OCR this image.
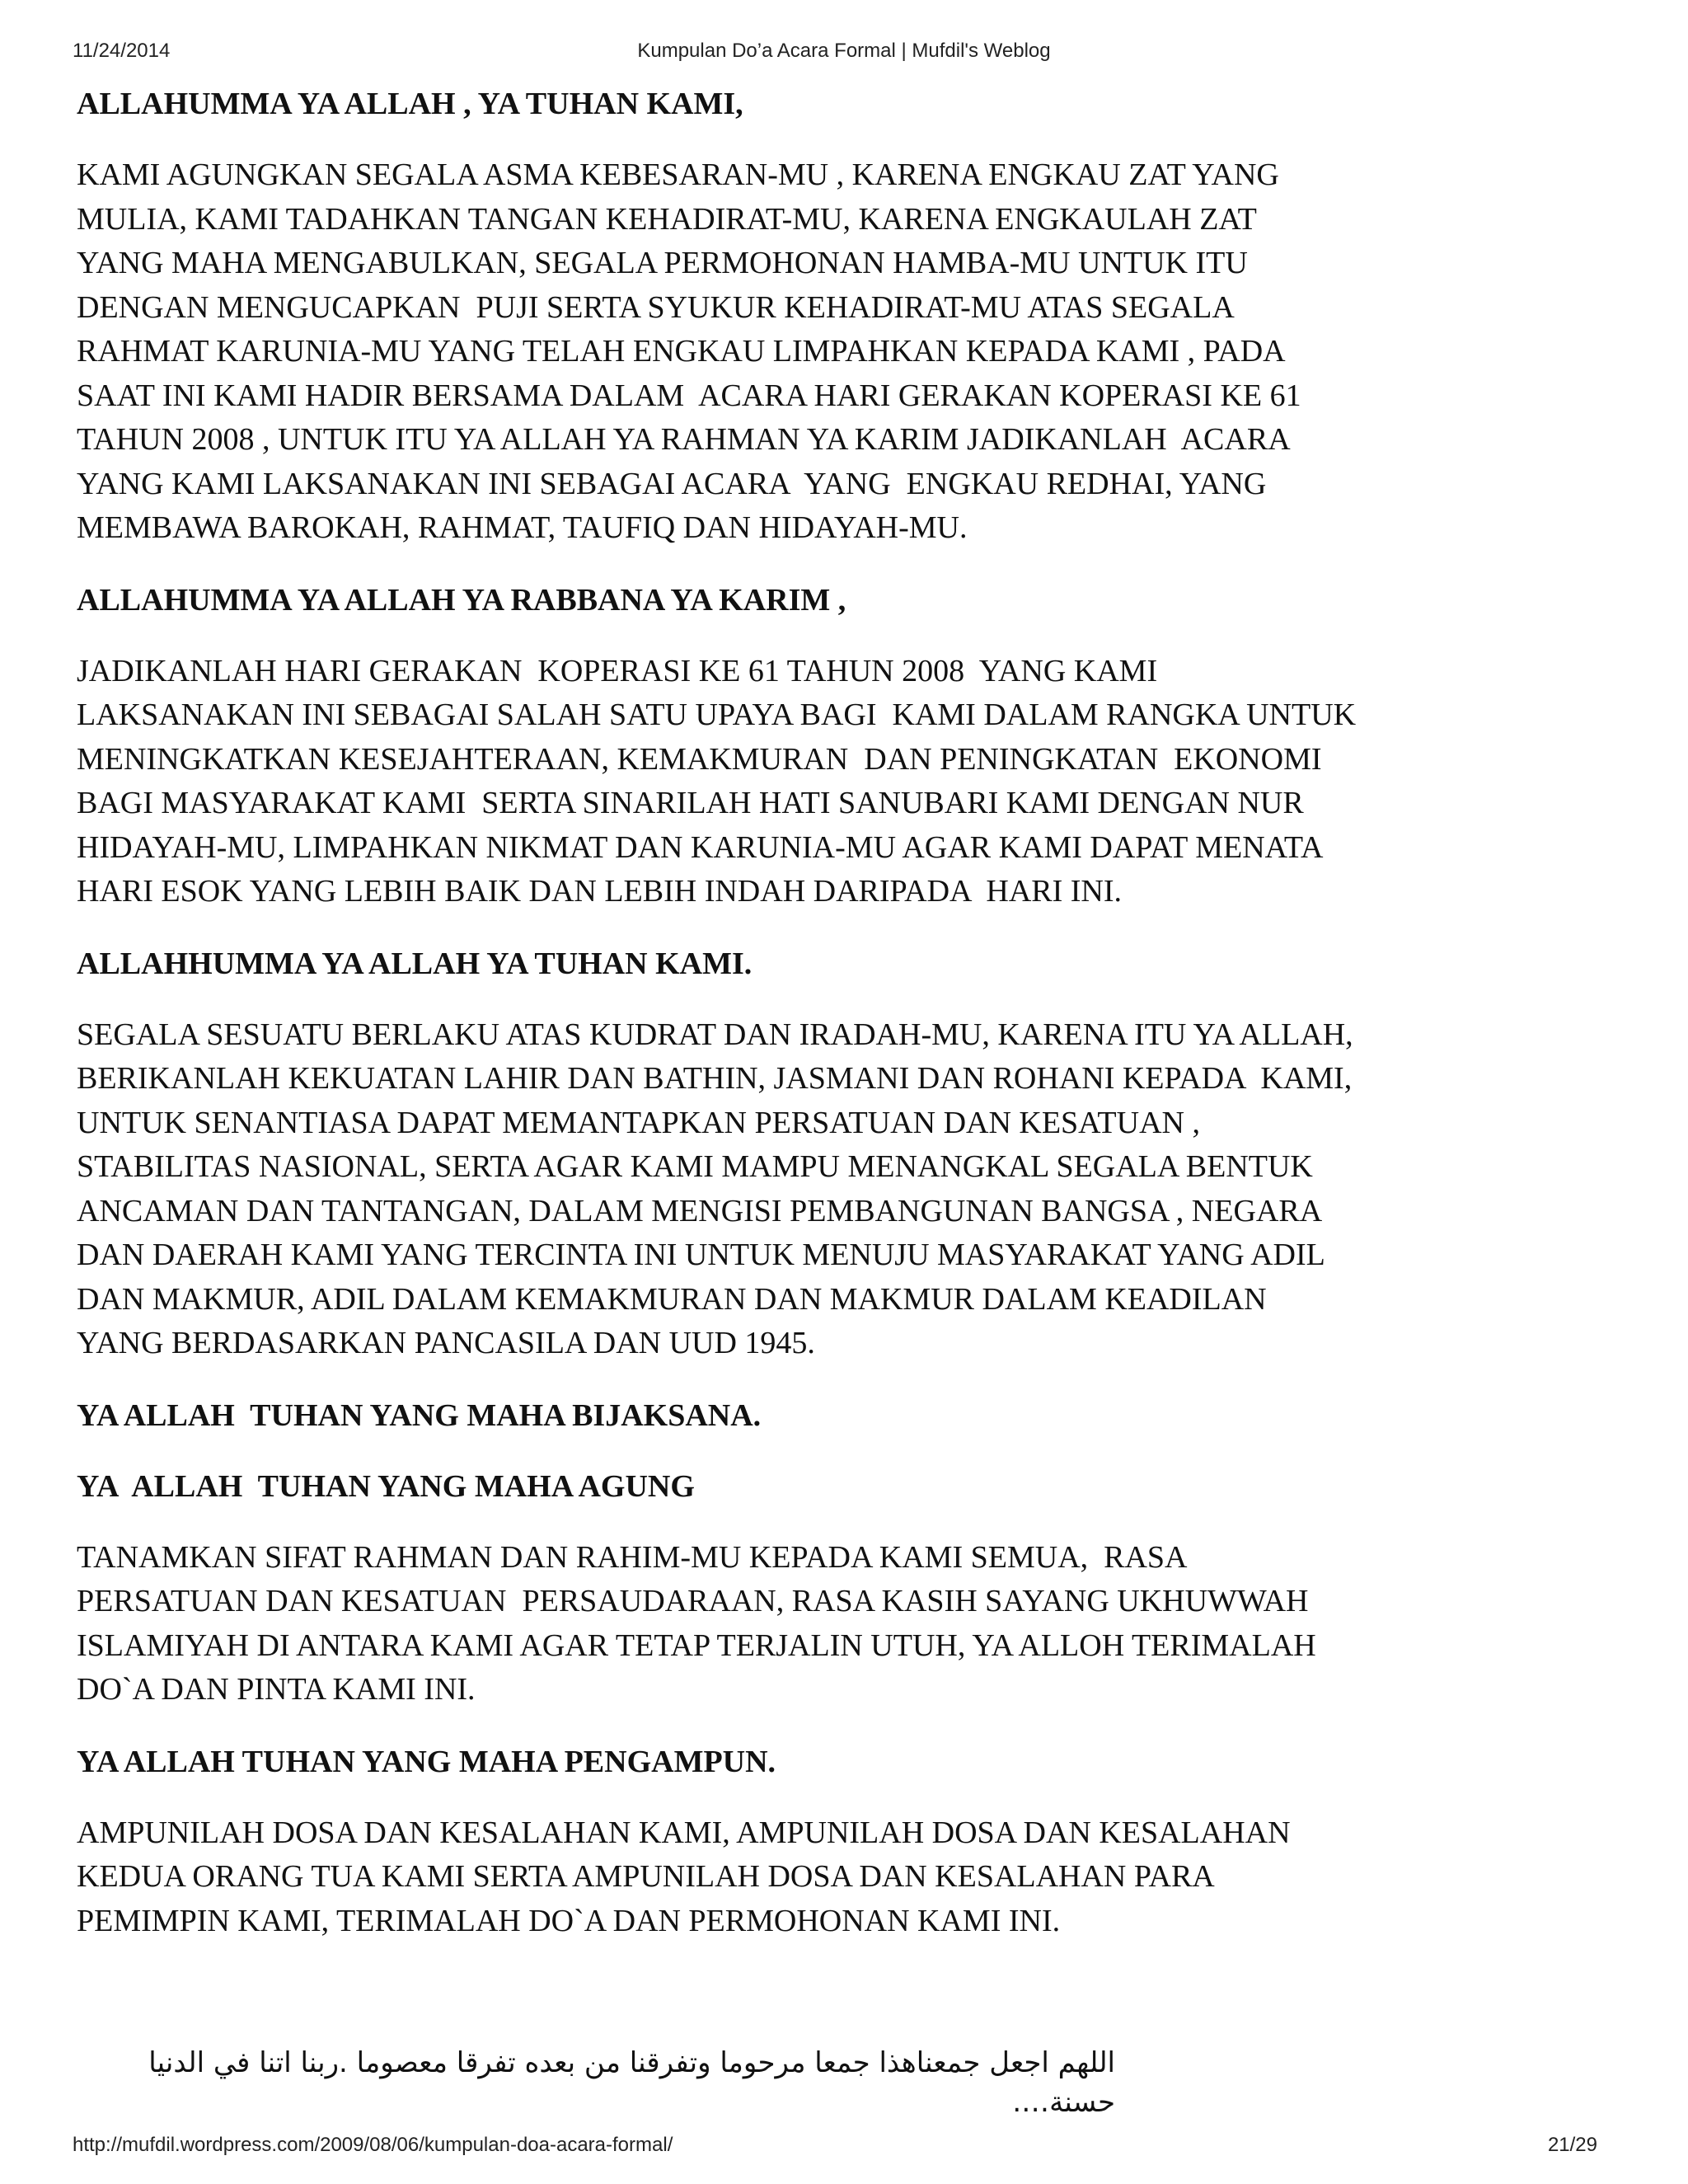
11/24/2014	Kumpulan Do’a Acara Formal | Mufdil's Weblog
ALLAHUMMA YA ALLAH , YA TUHAN KAMI,
KAMI AGUNGKAN SEGALA ASMA KEBESARAN-MU , KARENA ENGKAU ZAT YANG
MULIA, KAMI TADAHKAN TANGAN KEHADIRAT-MU, KARENA ENGKAULAH ZAT
YANG MAHA MENGABULKAN, SEGALA PERMOHONAN HAMBA-MU UNTUK ITU
DENGAN MENGUCAPKAN  PUJI SERTA SYUKUR KEHADIRAT-MU ATAS SEGALA
RAHMAT KARUNIA-MU YANG TELAH ENGKAU LIMPAHKAN KEPADA KAMI , PADA
SAAT INI KAMI HADIR BERSAMA DALAM  ACARA HARI GERAKAN KOPERASI KE 61
TAHUN 2008 , UNTUK ITU YA ALLAH YA RAHMAN YA KARIM JADIKANLAH  ACARA
YANG KAMI LAKSANAKAN INI SEBAGAI ACARA  YANG  ENGKAU REDHAI, YANG
MEMBAWA BAROKAH, RAHMAT, TAUFIQ DAN HIDAYAH-MU.
ALLAHUMMA YA ALLAH YA RABBANA YA KARIM ,
JADIKANLAH HARI GERAKAN  KOPERASI KE 61 TAHUN 2008  YANG KAMI
LAKSANAKAN INI SEBAGAI SALAH SATU UPAYA BAGI  KAMI DALAM RANGKA UNTUK
MENINGKATKAN KESEJAHTERAAN, KEMAKMURAN  DAN PENINGKATAN  EKONOMI
BAGI MASYARAKAT KAMI  SERTA SINARILAH HATI SANUBARI KAMI DENGAN NUR
HIDAYAH-MU, LIMPAHKAN NIKMAT DAN KARUNIA-MU AGAR KAMI DAPAT MENATA
HARI ESOK YANG LEBIH BAIK DAN LEBIH INDAH DARIPADA  HARI INI.
ALLAHHUMMA YA ALLAH YA TUHAN KAMI.
SEGALA SESUATU BERLAKU ATAS KUDRAT DAN IRADAH-MU, KARENA ITU YA ALLAH,
BERIKANLAH KEKUATAN LAHIR DAN BATHIN, JASMANI DAN ROHANI KEPADA  KAMI,
UNTUK SENANTIASA DAPAT MEMANTAPKAN PERSATUAN DAN KESATUAN ,
STABILITAS NASIONAL, SERTA AGAR KAMI MAMPU MENANGKAL SEGALA BENTUK
ANCAMAN DAN TANTANGAN, DALAM MENGISI PEMBANGUNAN BANGSA , NEGARA
DAN DAERAH KAMI YANG TERCINTA INI UNTUK MENUJU MASYARAKAT YANG ADIL
DAN MAKMUR, ADIL DALAM KEMAKMURAN DAN MAKMUR DALAM KEADILAN
YANG BERDASARKAN PANCASILA DAN UUD 1945.
YA ALLAH  TUHAN YANG MAHA BIJAKSANA.
YA  ALLAH  TUHAN YANG MAHA AGUNG
TANAMKAN SIFAT RAHMAN DAN RAHIM-MU KEPADA KAMI SEMUA,  RASA
PERSATUAN DAN KESATUAN  PERSAUDARAAN, RASA KASIH SAYANG UKHUWWAH
ISLAMIYAH DI ANTARA KAMI AGAR TETAP TERJALIN UTUH, YA ALLOH TERIMALAH
DO`A DAN PINTA KAMI INI.
YA ALLAH TUHAN YANG MAHA PENGAMPUN.
AMPUNILAH DOSA DAN KESALAHAN KAMI, AMPUNILAH DOSA DAN KESALAHAN
KEDUA ORANG TUA KAMI SERTA AMPUNILAH DOSA DAN KESALAHAN PARA
PEMIMPIN KAMI, TERIMALAH DO`A DAN PERMOHONAN KAMI INI.
اللهم اجعل جمعناهذا جمعا مرحوما وتفرقنا من بعده تفرقا معصوما .ربنا اتنا في الدنيا حسنة….
http://mufdil.wordpress.com/2009/08/06/kumpulan-doa-acara-formal/	21/29
